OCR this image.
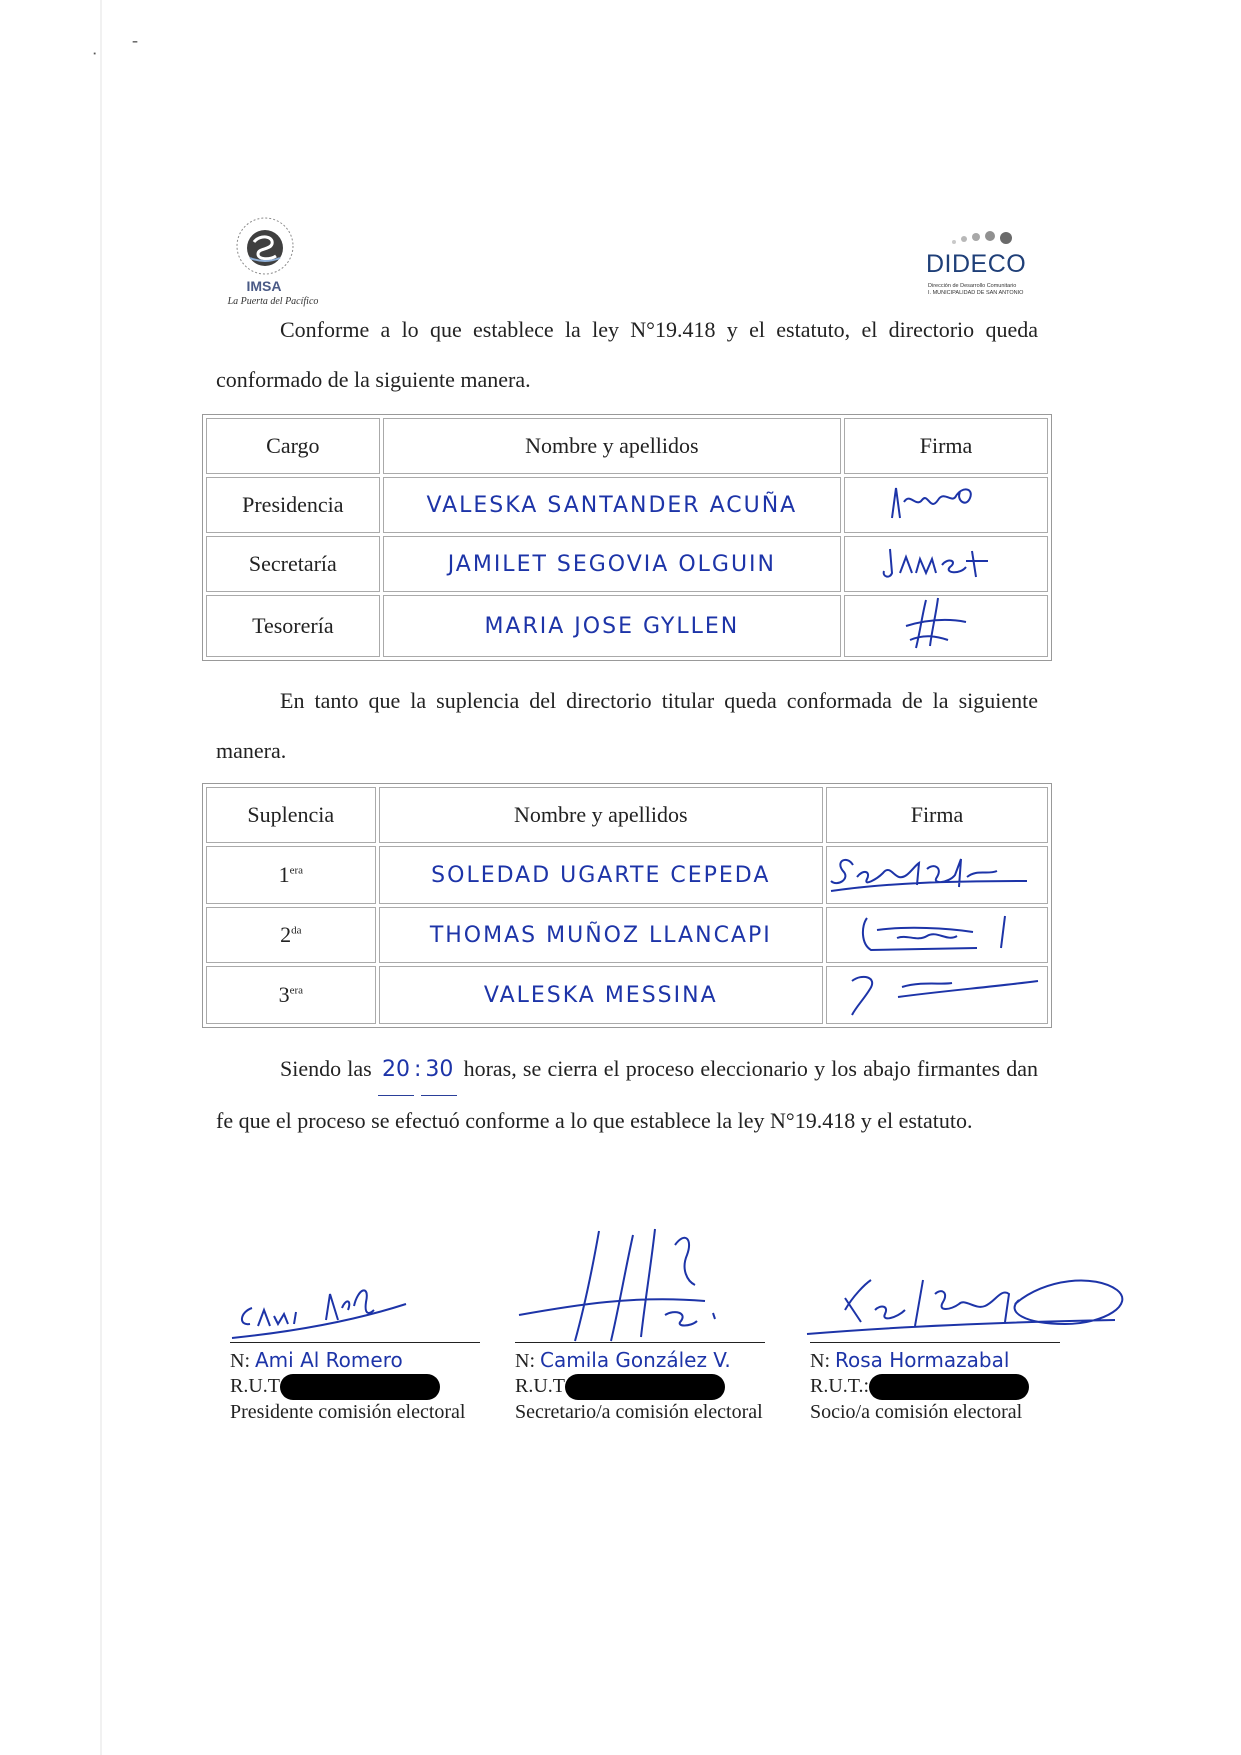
ᐧ
-
IMSA
La Puerta del Pacífico
DIDECO
Dirección de Desarrollo Comunitario
I. MUNICIPALIDAD DE SAN ANTONIO
Conforme a lo que establece la ley N°19.418 y el estatuto, el directorio queda conformado de la siguiente manera.
Cargo	Nombre y apellidos	Firma
Presidencia	VALESKA SANTANDER ACUÑA	
Secretaría	JAMILET SEGOVIA OLGUIN	
Tesorería	MARIA JOSE GYLLEN	
En tanto que la suplencia del directorio titular queda conformada de la siguiente manera.
Suplencia	Nombre y apellidos	Firma
$1^{era}$	SOLEDAD UGARTE CEPEDA	
$2^{da}$	THOMAS MUÑOZ LLANCAPI	
$3^{era}$	VALESKA MESSINA	
Siendo las 20 : 30 horas, se cierra el proceso eleccionario y los abajo firmantes dan fe que el proceso se efectuó conforme a lo que establece la ley N°19.418 y el estatuto.
N: Ami Al Romero
R.U.T
Presidente comisión electoral
N: Camila González V.
R.U.T
Secretario/a comisión electoral
N: Rosa Hormazabal
R.U.T.:
Socio/a comisión electoral
